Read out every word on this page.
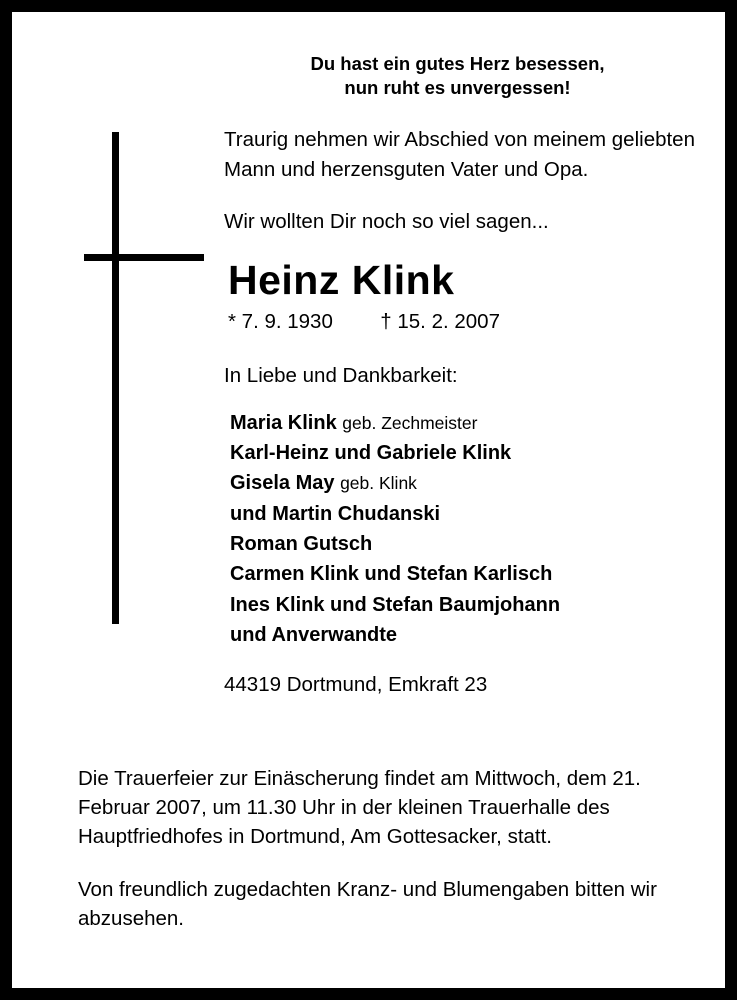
Du hast ein gutes Herz besessen,
nun ruht es unvergessen!
Traurig nehmen wir Abschied von meinem geliebten Mann und herzensguten Vater und Opa.
Wir wollten Dir noch so viel sagen...
Heinz Klink
* 7. 9. 1930 † 15. 2. 2007
In Liebe und Dankbarkeit:
Maria Klink geb. Zechmeister
Karl-Heinz und Gabriele Klink
Gisela May geb. Klink
und Martin Chudanski
Roman Gutsch
Carmen Klink und Stefan Karlisch
Ines Klink und Stefan Baumjohann
und Anverwandte
44319 Dortmund, Emkraft 23

Die Trauerfeier zur Einäscherung findet am Mittwoch, dem 21. Februar 2007, um 11.30 Uhr in der kleinen Trauerhalle des Hauptfriedhofes in Dortmund, Am Gottesacker, statt.

Von freundlich zugedachten Kranz- und Blumengaben bitten wir abzusehen.
